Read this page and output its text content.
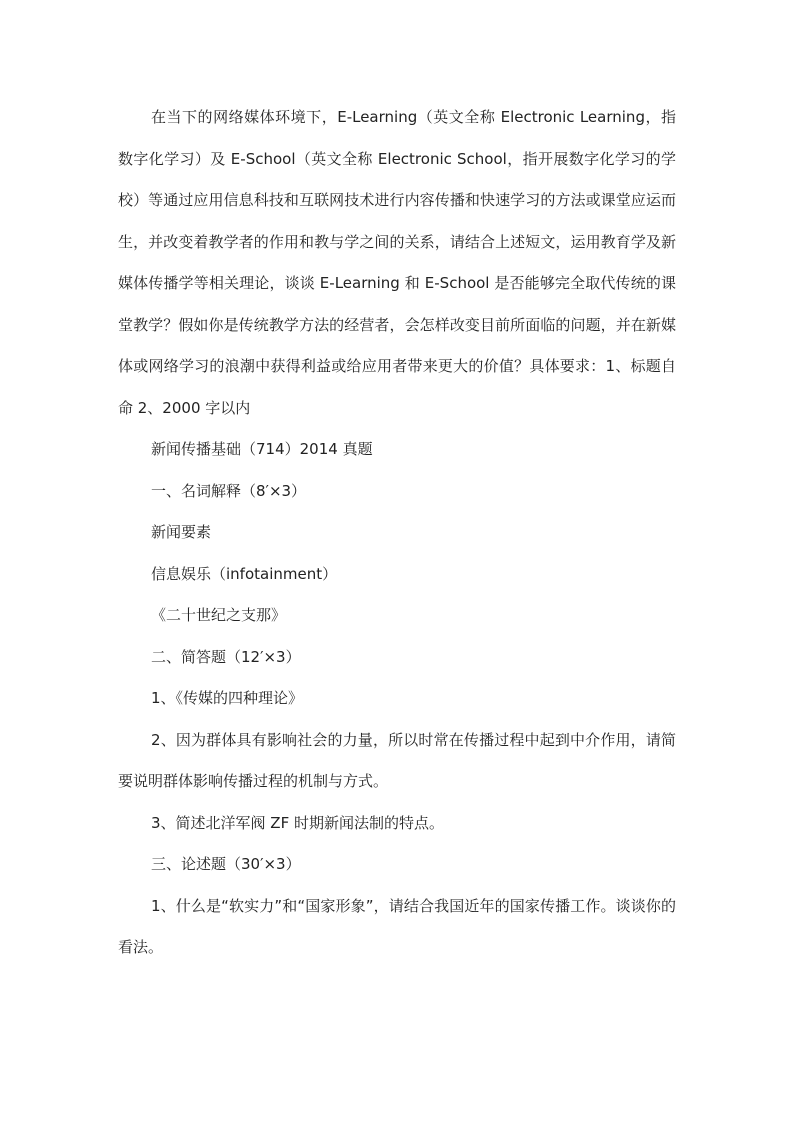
在当下的网络媒体环境下，E-Learning（英文全称 Electronic Learning，指数字化学习）及 E-School（英文全称 Electronic School，指开展数字化学习的学校）等通过应用信息科技和互联网技术进行内容传播和快速学习的方法或课堂应运而生，并改变着教学者的作用和教与学之间的关系，请结合上述短文，运用教育学及新媒体传播学等相关理论，谈谈 E-Learning 和 E-School 是否能够完全取代传统的课堂教学？假如你是传统教学方法的经营者，会怎样改变目前所面临的问题，并在新媒体或网络学习的浪潮中获得利益或给应用者带来更大的价值？具体要求：1、标题自命 2、2000 字以内

新闻传播基础（714）2014 真题

一、名词解释（8′×3）

新闻要素

信息娱乐（infotainment）

《二十世纪之支那》

二、简答题（12′×3）

1、《传媒的四种理论》

2、因为群体具有影响社会的力量，所以时常在传播过程中起到中介作用，请简要说明群体影响传播过程的机制与方式。

3、简述北洋军阀 ZF 时期新闻法制的特点。

三、论述题（30′×3）

1、什么是“软实力”和“国家形象”，请结合我国近年的国家传播工作。谈谈你的看法。
